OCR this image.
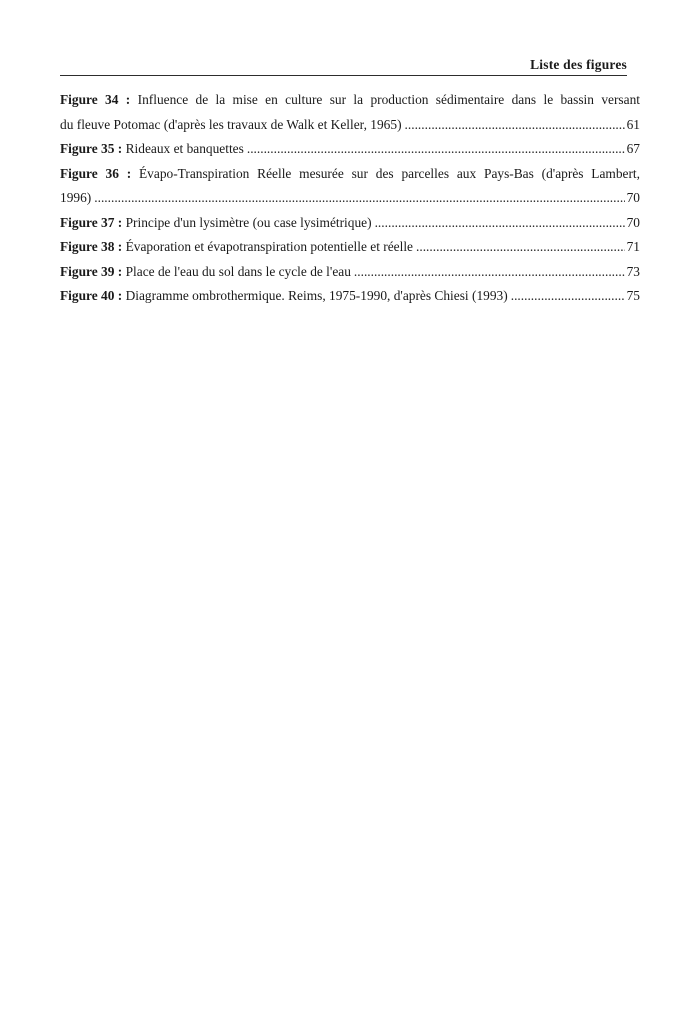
Liste des figures
Figure 34 : Influence de la mise en culture sur la production sédimentaire dans le bassin versant
du fleuve Potomac (d'après les travaux de Walk et Keller, 1965) .....	61
Figure 35 : Rideaux et banquettes .....	67
Figure 36 : Évapo-Transpiration Réelle mesurée sur des parcelles aux Pays-Bas (d'après Lambert,
1996) .....	70
Figure 37 : Principe d'un lysimètre (ou case lysimétrique) .....	70
Figure 38 : Évaporation et évapotranspiration potentielle et réelle .....	71
Figure 39 : Place de l'eau du sol dans le cycle de l'eau .....	73
Figure 40 : Diagramme ombrothermique. Reims, 1975-1990, d'après Chiesi (1993) .....	75
